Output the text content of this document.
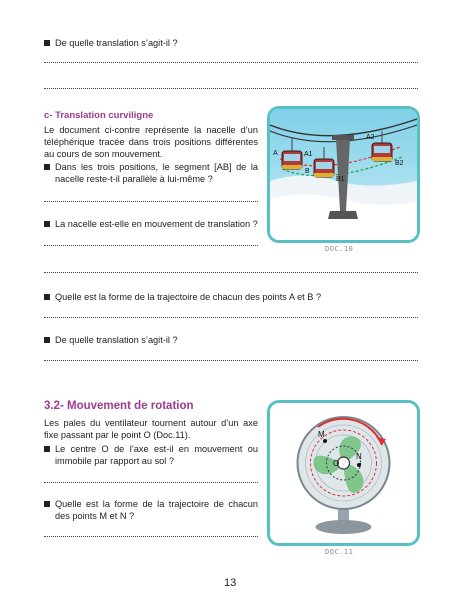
De quelle translation s’agit-il ?
c- Translation curviligne
Le document ci-contre représente la nacelle d’un téléphérique tracée dans trois positions différentes au cours de son mouvement.
Dans les trois positions, le segment [AB] de la nacelle reste-t-il parallèle à lui-même ?
La nacelle est-elle en mouvement de translation ?
A
B
A1
B1
A2
B2
DOC.10
Quelle est la forme de la trajectoire de chacun des points A et B ?
De quelle translation s’agit-il ?
3.2- Mouvement de rotation
Les pales du ventilateur tournent autour d’un axe fixe passant par le point O (Doc.11).
Le centre O de l’axe est-il en mouvement ou immobile par rapport au sol ?
Quelle est la forme de la trajectoire de chacun des points M et N ?
M
N
O
DOC.11
13
